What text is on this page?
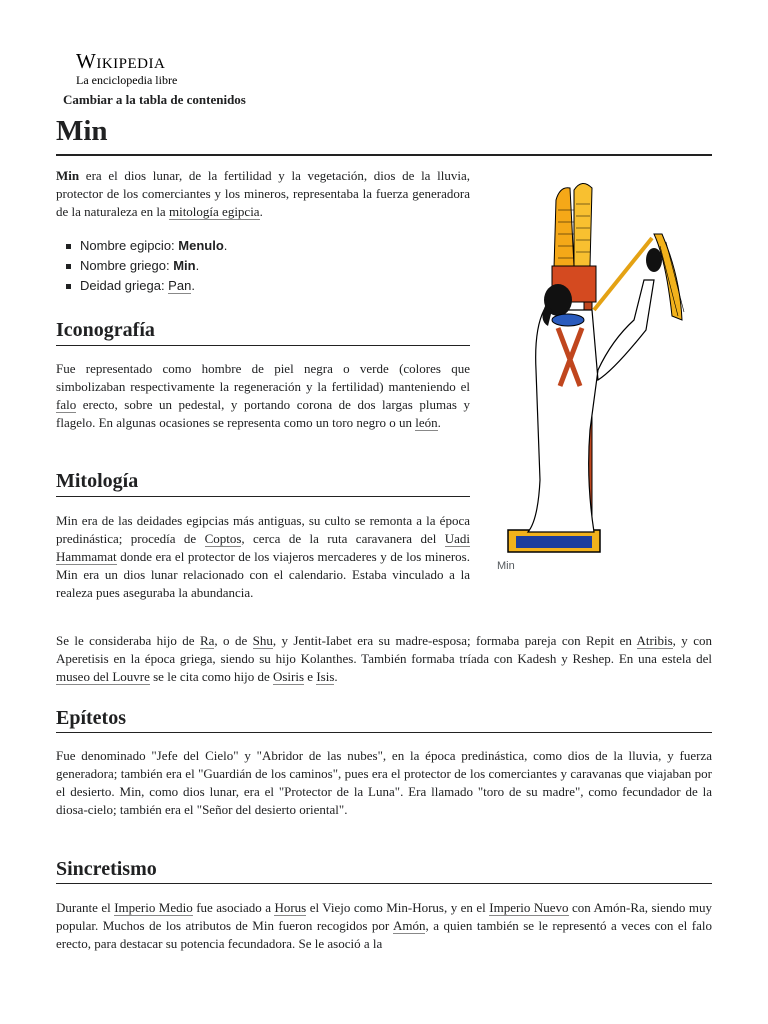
Wikipedia
La enciclopedia libre
Cambiar a la tabla de contenidos
Min

Min era el dios lunar, de la fertilidad y la vegetación, dios de la lluvia, protector de los comerciantes y los mineros, representaba la fuerza generadora de la naturaleza en la mitología egipcia.

Nombre egipcio: Menulo.
Nombre griego: Min.
Deidad griega: Pan.
Min
Iconografía

Fue representado como hombre de piel negra o verde (colores que simbolizaban respectivamente la regeneración y la fertilidad) manteniendo el falo erecto, sobre un pedestal, y portando corona de dos largas plumas y flagelo. En algunas ocasiones se representa como un toro negro o un león.

Mitología

Min era de las deidades egipcias más antiguas, su culto se remonta a la época predinástica; procedía de Coptos, cerca de la ruta caravanera del Uadi Hammamat donde era el protector de los viajeros mercaderes y de los mineros. Min era un dios lunar relacionado con el calendario. Estaba vinculado a la realeza pues aseguraba la abundancia.

Se le consideraba hijo de Ra, o de Shu, y Jentit-Iabet era su madre-esposa; formaba pareja con Repit en Atribis, y con Aperetisis en la época griega, siendo su hijo Kolanthes. También formaba tríada con Kadesh y Reshep. En una estela del museo del Louvre se le cita como hijo de Osiris e Isis.

Epítetos

Fue denominado "Jefe del Cielo" y "Abridor de las nubes", en la época predinástica, como dios de la lluvia, y fuerza generadora; también era el "Guardián de los caminos", pues era el protector de los comerciantes y caravanas que viajaban por el desierto. Min, como dios lunar, era el "Protector de la Luna". Era llamado "toro de su madre", como fecundador de la diosa-cielo; también era el "Señor del desierto oriental".

Sincretismo

Durante el Imperio Medio fue asociado a Horus el Viejo como Min-Horus, y en el Imperio Nuevo con Amón-Ra, siendo muy popular. Muchos de los atributos de Min fueron recogidos por Amón, a quien también se le representó a veces con el falo erecto, para destacar su potencia fecundadora. Se le asoció a la
